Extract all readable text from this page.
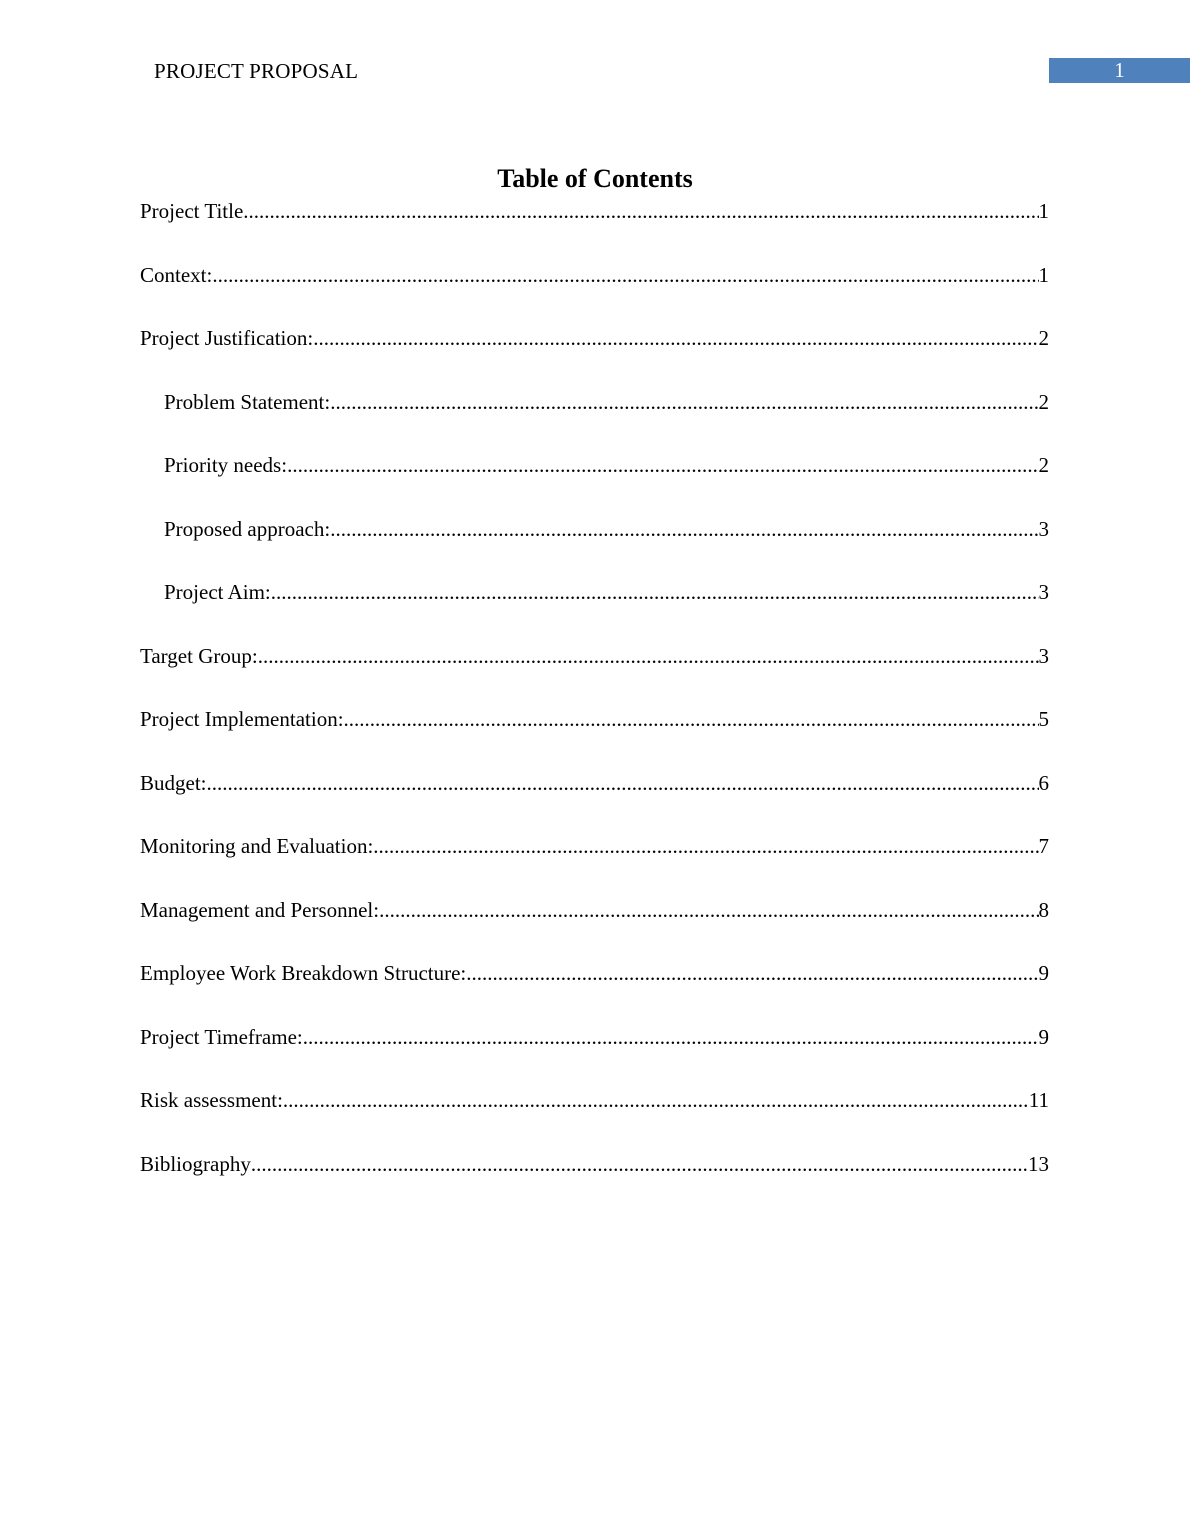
PROJECT PROPOSAL	1
Table of Contents
Project Title .....	1
Context: .....	1
Project Justification: .....	2
Problem Statement: .....	2
Priority needs: .....	2
Proposed approach: .....	3
Project Aim: .....	3
Target Group: .....	3
Project Implementation: .....	5
Budget: .....	6
Monitoring and Evaluation: .....	7
Management and Personnel: .....	8
Employee Work Breakdown Structure: .....	9
Project Timeframe: .....	9
Risk assessment: .....	11
Bibliography .....	13
